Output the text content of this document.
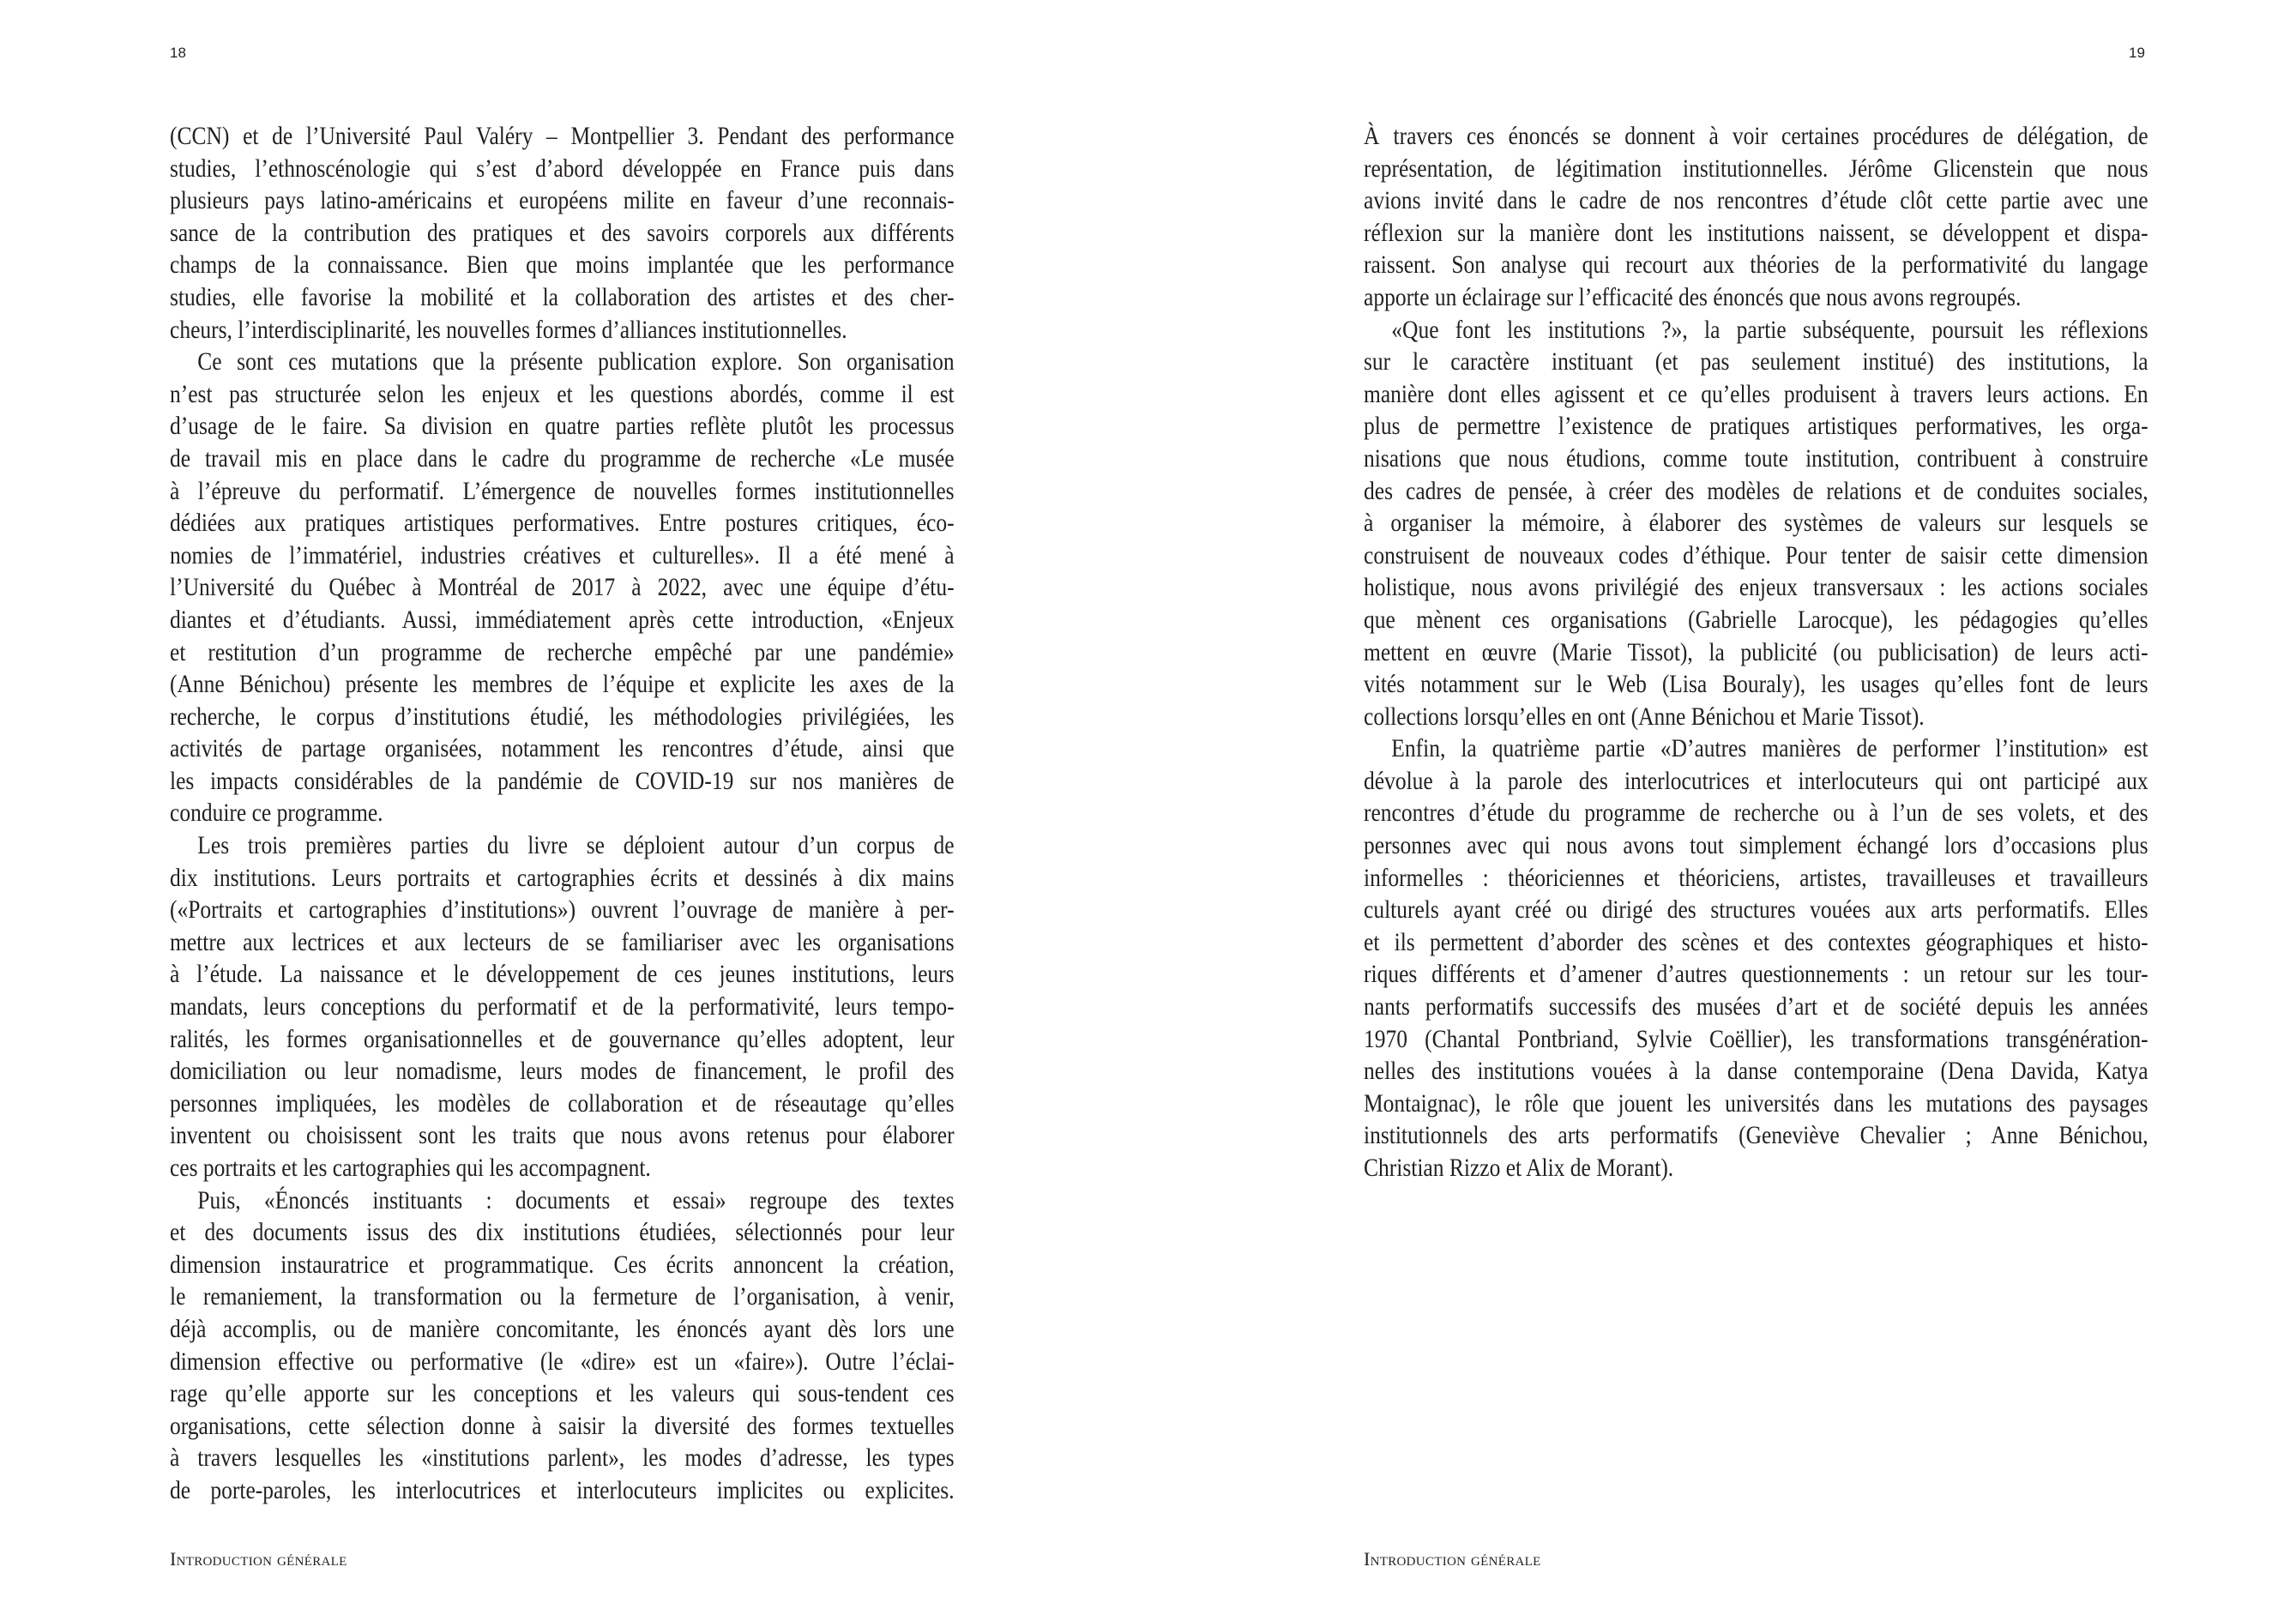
18	19
(CCN) et de l’Université Paul Valéry – Montpellier 3. Pendant des performance
studies, l’ethnoscénologie qui s’est d’abord développée en France puis dans
plusieurs pays latino-américains et européens milite en faveur d’une reconnais-
sance de la contribution des pratiques et des savoirs corporels aux différents
champs de la connaissance. Bien que moins implantée que les performance
studies, elle favorise la mobilité et la collaboration des artistes et des cher-
cheurs, l’interdisciplinarité, les nouvelles formes d’alliances institutionnelles.
Ce sont ces mutations que la présente publication explore. Son organisation
n’est pas structurée selon les enjeux et les questions abordés, comme il est
d’usage de le faire. Sa division en quatre parties reflète plutôt les processus
de travail mis en place dans le cadre du programme de recherche «Le musée
à l’épreuve du performatif. L’émergence de nouvelles formes institutionnelles
dédiées aux pratiques artistiques performatives. Entre postures critiques, éco-
nomies de l’immatériel, industries créatives et culturelles». Il a été mené à
l’Université du Québec à Montréal de 2017 à 2022, avec une équipe d’étu-
diantes et d’étudiants. Aussi, immédiatement après cette introduction, «Enjeux
et restitution d’un programme de recherche empêché par une pandémie»
(Anne Bénichou) présente les membres de l’équipe et explicite les axes de la
recherche, le corpus d’institutions étudié, les méthodologies privilégiées, les
activités de partage organisées, notamment les rencontres d’étude, ainsi que
les impacts considérables de la pandémie de COVID-19 sur nos manières de
conduire ce programme.
Les trois premières parties du livre se déploient autour d’un corpus de
dix institutions. Leurs portraits et cartographies écrits et dessinés à dix mains
(«Portraits et cartographies d’institutions») ouvrent l’ouvrage de manière à per-
mettre aux lectrices et aux lecteurs de se familiariser avec les organisations
à l’étude. La naissance et le développement de ces jeunes institutions, leurs
mandats, leurs conceptions du performatif et de la performativité, leurs tempo-
ralités, les formes organisationnelles et de gouvernance qu’elles adoptent, leur
domiciliation ou leur nomadisme, leurs modes de financement, le profil des
personnes impliquées, les modèles de collaboration et de réseautage qu’elles
inventent ou choisissent sont les traits que nous avons retenus pour élaborer
ces portraits et les cartographies qui les accompagnent.
Puis, «Énoncés instituants : documents et essai» regroupe des textes
et des documents issus des dix institutions étudiées, sélectionnés pour leur
dimension instauratrice et programmatique. Ces écrits annoncent la création,
le remaniement, la transformation ou la fermeture de l’organisation, à venir,
déjà accomplis, ou de manière concomitante, les énoncés ayant dès lors une
dimension effective ou performative (le «dire» est un «faire»). Outre l’éclai-
rage qu’elle apporte sur les conceptions et les valeurs qui sous-tendent ces
organisations, cette sélection donne à saisir la diversité des formes textuelles
à travers lesquelles les «institutions parlent», les modes d’adresse, les types
de porte-paroles, les interlocutrices et interlocuteurs implicites ou explicites.
À travers ces énoncés se donnent à voir certaines procédures de délégation, de
représentation, de légitimation institutionnelles. Jérôme Glicenstein que nous
avions invité dans le cadre de nos rencontres d’étude clôt cette partie avec une
réflexion sur la manière dont les institutions naissent, se développent et dispa-
raissent. Son analyse qui recourt aux théories de la performativité du langage
apporte un éclairage sur l’efficacité des énoncés que nous avons regroupés.
«Que font les institutions ?», la partie subséquente, poursuit les réflexions
sur le caractère instituant (et pas seulement institué) des institutions, la
manière dont elles agissent et ce qu’elles produisent à travers leurs actions. En
plus de permettre l’existence de pratiques artistiques performatives, les orga-
nisations que nous étudions, comme toute institution, contribuent à construire
des cadres de pensée, à créer des modèles de relations et de conduites sociales,
à organiser la mémoire, à élaborer des systèmes de valeurs sur lesquels se
construisent de nouveaux codes d’éthique. Pour tenter de saisir cette dimension
holistique, nous avons privilégié des enjeux transversaux : les actions sociales
que mènent ces organisations (Gabrielle Larocque), les pédagogies qu’elles
mettent en œuvre (Marie Tissot), la publicité (ou publicisation) de leurs acti-
vités notamment sur le Web (Lisa Bouraly), les usages qu’elles font de leurs
collections lorsqu’elles en ont (Anne Bénichou et Marie Tissot).
Enfin, la quatrième partie «D’autres manières de performer l’institution» est
dévolue à la parole des interlocutrices et interlocuteurs qui ont participé aux
rencontres d’étude du programme de recherche ou à l’un de ses volets, et des
personnes avec qui nous avons tout simplement échangé lors d’occasions plus
informelles : théoriciennes et théoriciens, artistes, travailleuses et travailleurs
culturels ayant créé ou dirigé des structures vouées aux arts performatifs. Elles
et ils permettent d’aborder des scènes et des contextes géographiques et histo-
riques différents et d’amener d’autres questionnements : un retour sur les tour-
nants performatifs successifs des musées d’art et de société depuis les années
1970 (Chantal Pontbriand, Sylvie Coëllier), les transformations transgénération-
nelles des institutions vouées à la danse contemporaine (Dena Davida, Katya
Montaignac), le rôle que jouent les universités dans les mutations des paysages
institutionnels des arts performatifs (Geneviève Chevalier ; Anne Bénichou,
Christian Rizzo et Alix de Morant).
Introduction générale	Introduction générale
